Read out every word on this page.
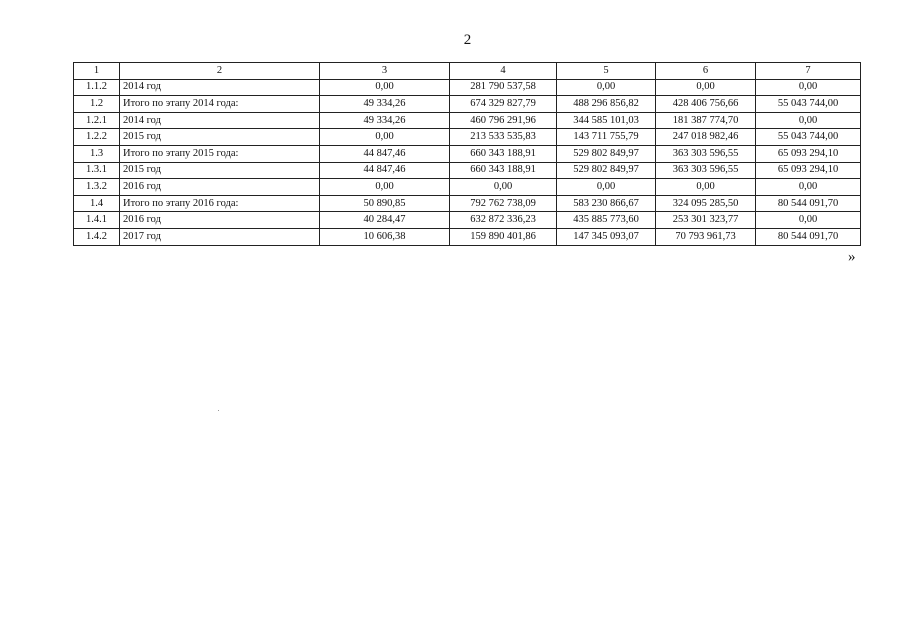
2
1	2	3	4	5	6	7
1.1.2	2014 год	0,00	281 790 537,58	0,00	0,00	0,00
1.2	Итого по этапу 2014 года:	49 334,26	674 329 827,79	488 296 856,82	428 406 756,66	55 043 744,00
1.2.1	2014 год	49 334,26	460 796 291,96	344 585 101,03	181 387 774,70	0,00
1.2.2	2015 год	0,00	213 533 535,83	143 711 755,79	247 018 982,46	55 043 744,00
1.3	Итого по этапу 2015 года:	44 847,46	660 343 188,91	529 802 849,97	363 303 596,55	65 093 294,10
1.3.1	2015 год	44 847,46	660 343 188,91	529 802 849,97	363 303 596,55	65 093 294,10
1.3.2	2016 год	0,00	0,00	0,00	0,00	0,00
1.4	Итого по этапу 2016 года:	50 890,85	792 762 738,09	583 230 866,67	324 095 285,50	80 544 091,70
1.4.1	2016 год	40 284,47	632 872 336,23	435 885 773,60	253 301 323,77	0,00
1.4.2	2017 год	10 606,38	159 890 401,86	147 345 093,07	70 793 961,73	80 544 091,70
»
